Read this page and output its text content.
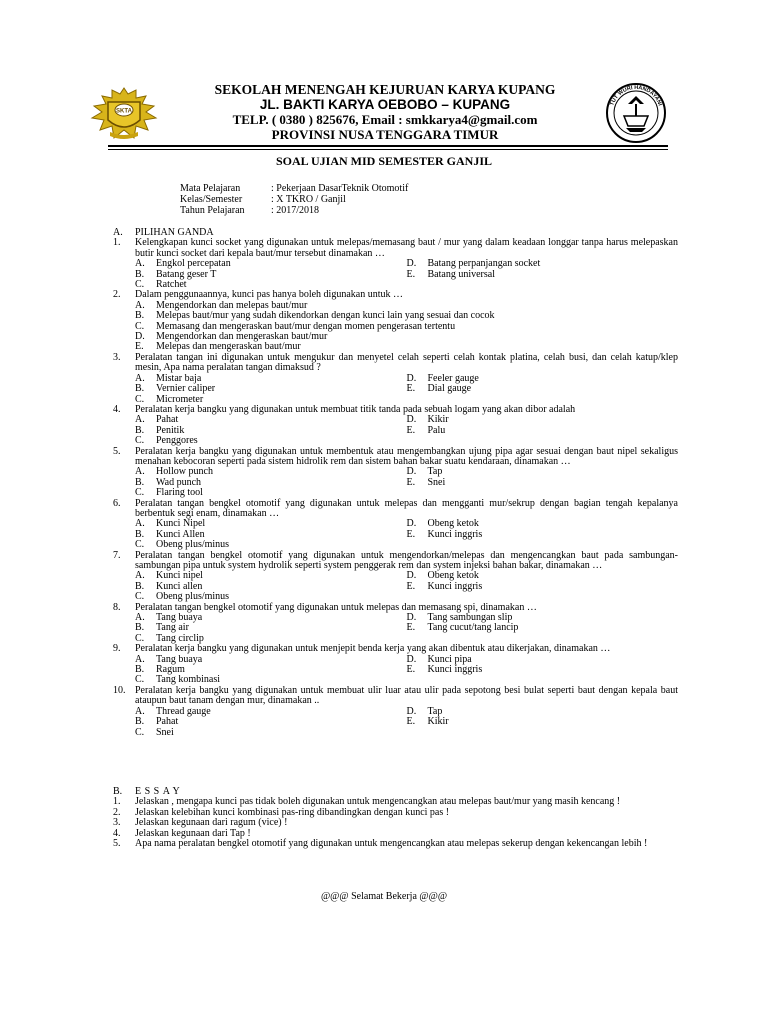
SKTA
SEKOLAH MENENGAH KEJURUAN KARYA KUPANG
JL. BAKTI KARYA OEBOBO – KUPANG
TELP. ( 0380 ) 825676, Email : smkkarya4@gmail.com
PROVINSI NUSA TENGGARA TIMUR
TUT WURI HANDAYANI
SOAL UJIAN MID SEMESTER GANJIL
Mata Pelajaran	: Pekerjaan DasarTeknik Otomotif
Kelas/Semester	: X TKRO / Ganjil
Tahun Pelajaran	: 2017/2018
A.	PILIHAN GANDA
1.	Kelengkapan kunci socket yang digunakan untuk melepas/memasang baut / mur yang dalam keadaan longgar tanpa harus melepaskan butir kunci socket dari kepala baut/mur tersebut dinamakan …
A.	Engkol percepatan	D.	Batang perpanjangan socket
B.	Batang geser T	E.	Batang universal
C.	Ratchet
2.	Dalam penggunaannya, kunci pas hanya boleh digunakan untuk …
A.	Mengendorkan dan melepas baut/mur
B.	Melepas baut/mur yang sudah dikendorkan dengan kunci lain yang sesuai dan cocok
C.	Memasang dan mengeraskan baut/mur dengan momen pengerasan tertentu
D.	Mengendorkan dan mengeraskan baut/mur
E.	Melepas dan mengeraskan baut/mur
3.	Peralatan tangan ini digunakan untuk mengukur dan menyetel celah seperti celah kontak platina, celah busi, dan celah katup/klep mesin, Apa nama peralatan tangan dimaksud ?
A.	Mistar baja	D.	Feeler gauge
B.	Vernier caliper	E.	Dial gauge
C.	Micrometer
4.	Peralatan kerja bangku yang digunakan untuk membuat titik tanda pada sebuah logam yang akan dibor adalah
A.	Pahat	D.	Kikir
B.	Penitik	E.	Palu
C.	Penggores
5.	Peralatan kerja bangku yang digunakan untuk membentuk atau mengembangkan ujung pipa agar sesuai dengan baut nipel sekaligus menahan kebocoran seperti pada sistem hidrolik rem dan sistem bahan bakar suatu kendaraan, dinamakan …
A.	Hollow punch	D.	Tap
B.	Wad punch	E.	Snei
C.	Flaring tool
6.	Peralatan tangan bengkel otomotif yang digunakan untuk melepas dan mengganti mur/sekrup dengan bagian tengah kepalanya berbentuk segi enam, dinamakan …
A.	Kunci Nipel	D.	Obeng ketok
B.	Kunci Allen	E.	Kunci inggris
C.	Obeng plus/minus
7.	Peralatan tangan bengkel otomotif yang digunakan untuk mengendorkan/melepas dan mengencangkan baut pada sambungan-sambungan pipa untuk system hydrolik seperti system penggerak rem dan system injeksi bahan bakar, dinamakan …
A.	Kunci nipel	D.	Obeng ketok
B.	Kunci allen	E.	Kunci inggris
C.	Obeng plus/minus
8.	Peralatan tangan bengkel otomotif yang digunakan untuk melepas dan memasang spi, dinamakan …
A.	Tang buaya	D.	Tang sambungan slip
B.	Tang air	E.	Tang cucut/tang lancip
C.	Tang circlip
9.	Peralatan kerja bangku yang digunakan untuk menjepit benda kerja yang akan dibentuk atau dikerjakan, dinamakan …
A.	Tang buaya	D.	Kunci pipa
B.	Ragum	E.	Kunci inggris
C.	Tang kombinasi
10. Peralatan kerja bangku yang digunakan untuk membuat ulir luar atau ulir pada sepotong besi bulat seperti baut dengan kepala baut ataupun baut tanam dengan mur, dinamakan ..
A.	Thread gauge	D.	Tap
B.	Pahat	E.	Kikir
C.	Snei
B.	ESSAY
1.	Jelaskan , mengapa kunci pas tidak boleh digunakan untuk mengencangkan atau melepas baut/mur yang masih kencang !
2.	Jelaskan kelebihan kunci kombinasi pas-ring dibandingkan dengan kunci pas !
3.	Jelaskan kegunaan dari ragum (vice) !
4.	Jelaskan kegunaan dari Tap !
5.	Apa nama peralatan bengkel otomotif yang digunakan untuk mengencangkan atau melepas sekerup dengan kekencangan lebih !
@@@ Selamat Bekerja @@@
